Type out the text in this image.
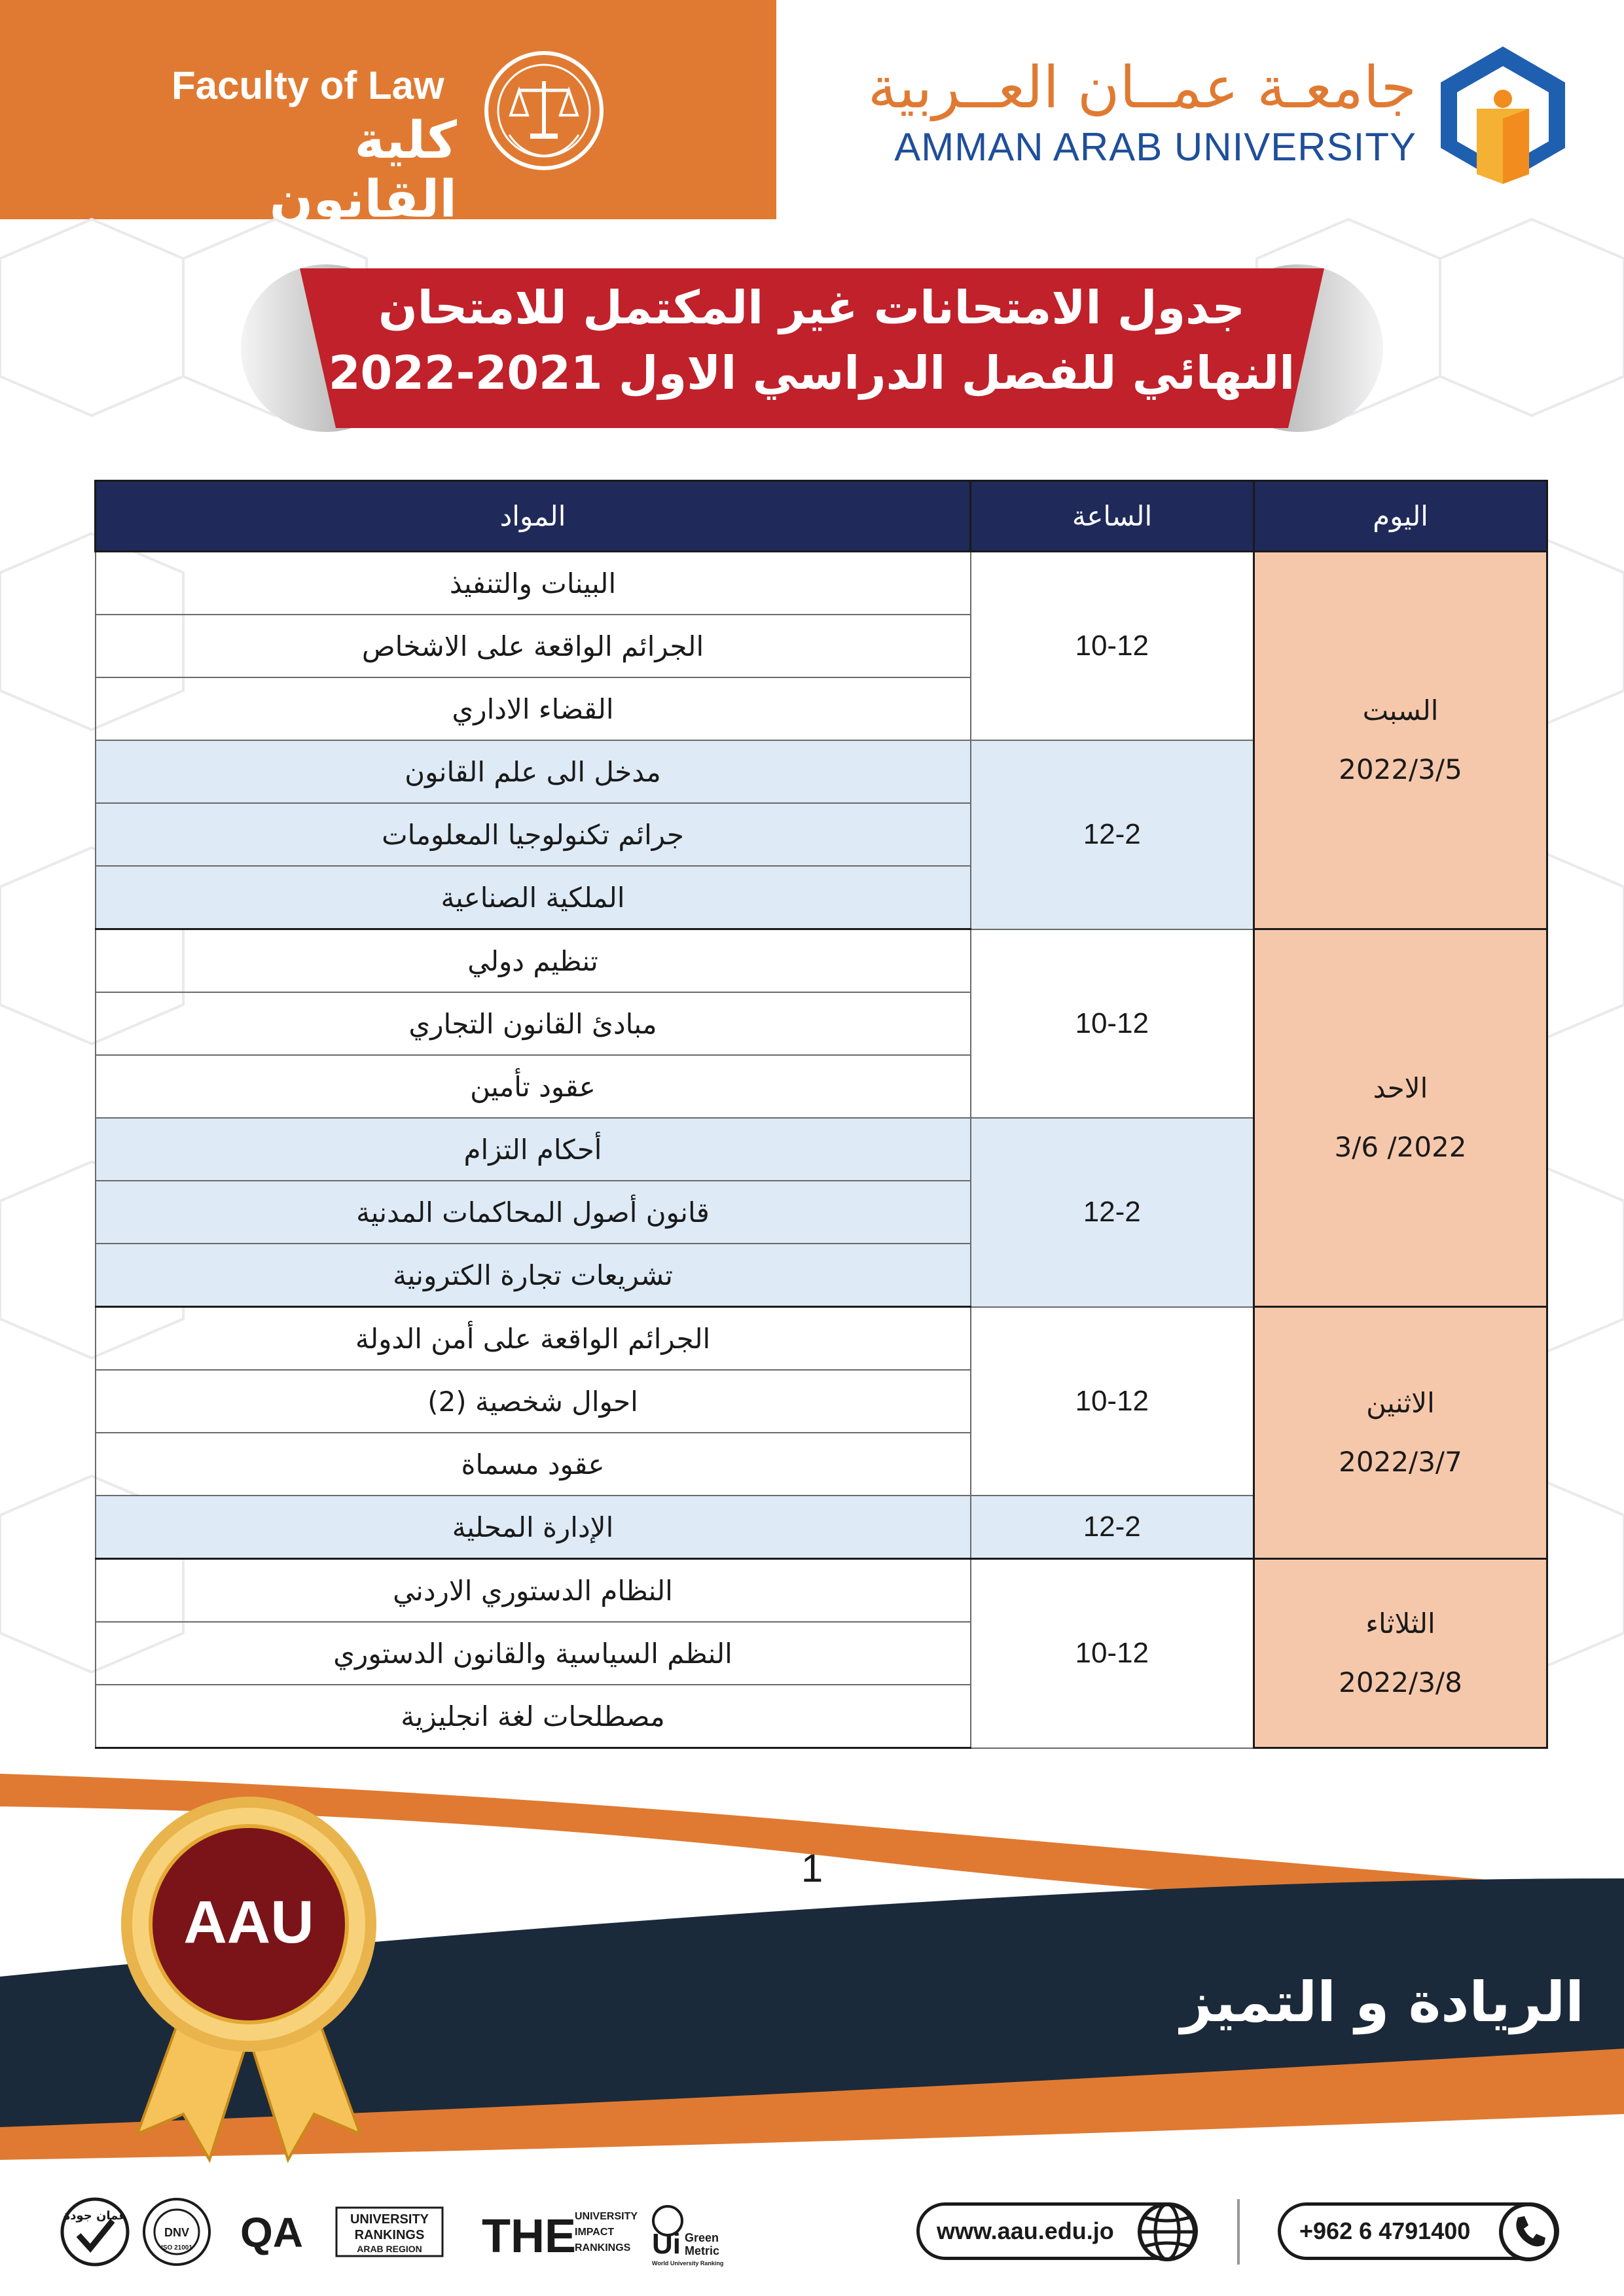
Faculty of Law
كلية القانون
جامعـة عمــان العــربية
AMMAN ARAB UNIVERSITY
جدول الامتحانات غير المكتمل للامتحان
النهائي للفصل الدراسي الاول 2021-2022
اليوم	الساعة	المواد

السبت
2022/3/5	10-12	البينات والتنفيذ
		الجرائم الواقعة على الاشخاص
		القضاء الاداري
	12-2	مدخل الى علم القانون
		جرائم تكنولوجيا المعلومات
		الملكية الصناعية

الاحد
2022/ 3/6	10-12	تنظيم دولي
		مبادئ القانون التجاري
		عقود تأمين
	12-2	أحكام التزام
		قانون أصول المحاكمات المدنية
		تشريعات تجارة الكترونية

الاثنين
2022/3/7	10-12	الجرائم الواقعة على أمن الدولة
		احوال شخصية (2)
		عقود مسماة
	12-2	الإدارة المحلية

الثلاثاء
2022/3/8	10-12	النظام الدستوري الاردني
		النظم السياسية والقانون الدستوري
		مصطلحات لغة انجليزية
AAU
1
الريادة و التميز
www.aau.edu.jo	+962 6 4791400
عمان جودة
DNV
ISO 21001 QA	UNIVERSITY
RANKINGS
ARAB REGION THE
UNIVERSITY
IMPACT
RANKINGS Ui Green
Metric
World University Ranking
